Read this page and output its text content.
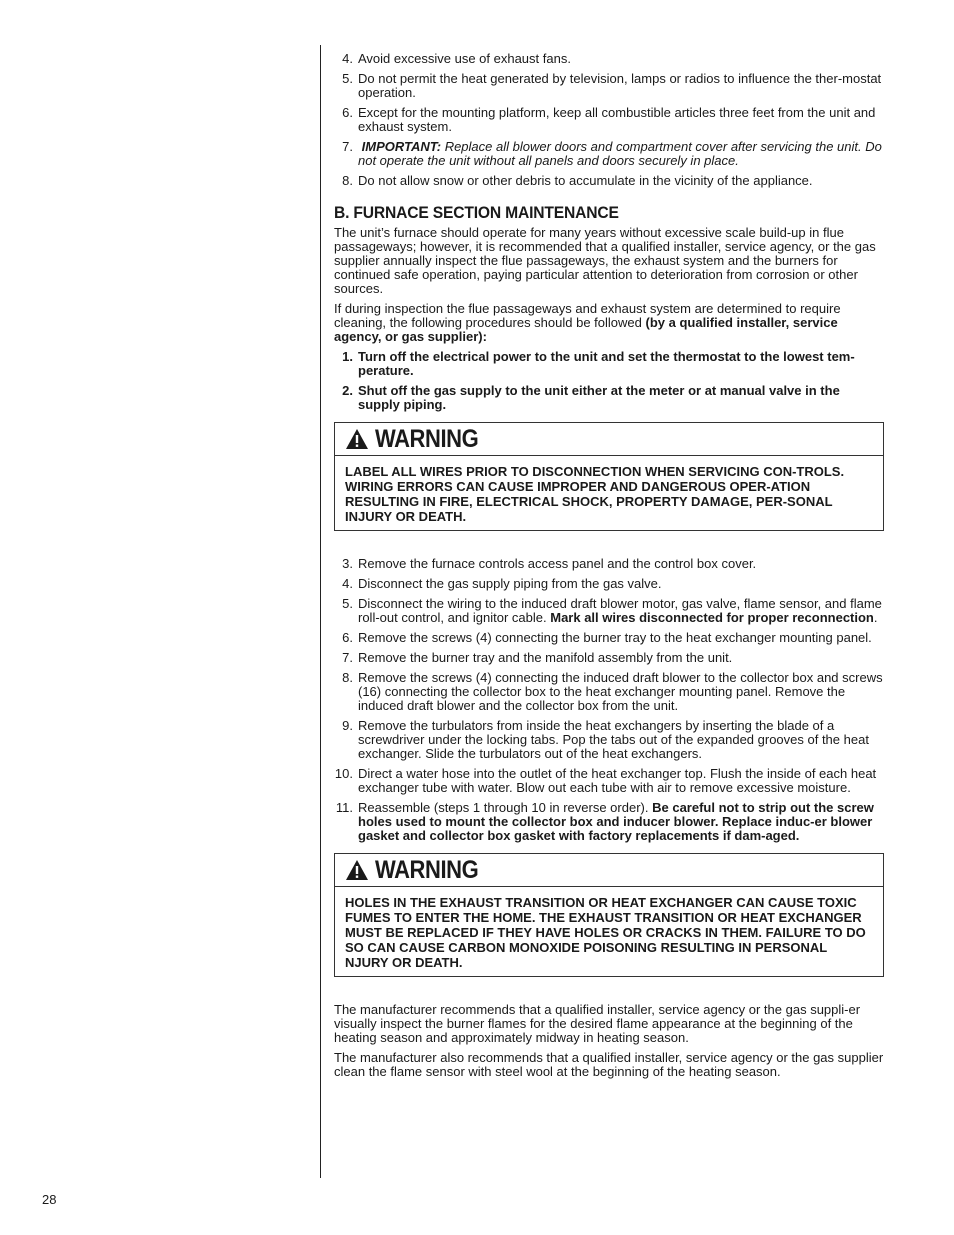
4. Avoid excessive use of exhaust fans.
5. Do not permit the heat generated by television, lamps or radios to influence the ther-mostat operation.
6. Except for the mounting platform, keep all combustible articles three feet from the unit and exhaust system.
7. IMPORTANT: Replace all blower doors and compartment cover after servicing the unit. Do not operate the unit without all panels and doors securely in place.
8. Do not allow snow or other debris to accumulate in the vicinity of the appliance.
B. FURNACE SECTION MAINTENANCE

The unit’s furnace should operate for many years without excessive scale build-up in flue passageways; however, it is recommended that a qualified installer, service agency, or the gas supplier annually inspect the flue passageways, the exhaust system and the burners for continued safe operation, paying particular attention to deterioration from corrosion or other sources.

If during inspection the flue passageways and exhaust system are determined to require cleaning, the following procedures should be followed (by a qualified installer, service agency, or gas supplier):

1. Turn off the electrical power to the unit and set the thermostat to the lowest tem-perature.
2. Shut off the gas supply to the unit either at the meter or at manual valve in the supply piping.
WARNING
LABEL ALL WIRES PRIOR TO DISCONNECTION WHEN SERVICING CON-TROLS. WIRING ERRORS CAN CAUSE IMPROPER AND DANGEROUS OPER-ATION RESULTING IN FIRE, ELECTRICAL SHOCK, PROPERTY DAMAGE, PER-SONAL INJURY OR DEATH.
3. Remove the furnace controls access panel and the control box cover.
4. Disconnect the gas supply piping from the gas valve.
5. Disconnect the wiring to the induced draft blower motor, gas valve, flame sensor, and flame roll-out control, and ignitor cable. Mark all wires disconnected for proper reconnection.
6. Remove the screws (4) connecting the burner tray to the heat exchanger mounting panel.
7. Remove the burner tray and the manifold assembly from the unit.
8. Remove the screws (4) connecting the induced draft blower to the collector box and screws (16) connecting the collector box to the heat exchanger mounting panel. Remove the induced draft blower and the collector box from the unit.
9. Remove the turbulators from inside the heat exchangers by inserting the blade of a screwdriver under the locking tabs. Pop the tabs out of the expanded grooves of the heat exchanger. Slide the turbulators out of the heat exchangers.
10. Direct a water hose into the outlet of the heat exchanger top. Flush the inside of each heat exchanger tube with water. Blow out each tube with air to remove excessive moisture.
11. Reassemble (steps 1 through 10 in reverse order). Be careful not to strip out the screw holes used to mount the collector box and inducer blower. Replace induc-er blower gasket and collector box gasket with factory replacements if dam-aged.
WARNING
HOLES IN THE EXHAUST TRANSITION OR HEAT EXCHANGER CAN CAUSE TOXIC FUMES TO ENTER THE HOME. THE EXHAUST TRANSITION OR HEAT EXCHANGER MUST BE REPLACED IF THEY HAVE HOLES OR CRACKS IN THEM. FAILURE TO DO SO CAN CAUSE CARBON MONOXIDE POISONING RESULTING IN PERSONAL NJURY OR DEATH.

The manufacturer recommends that a qualified installer, service agency or the gas suppli-er visually inspect the burner flames for the desired flame appearance at the beginning of the heating season and approximately midway in heating season.

The manufacturer also recommends that a qualified installer, service agency or the gas supplier clean the flame sensor with steel wool at the beginning of the heating season.

28
